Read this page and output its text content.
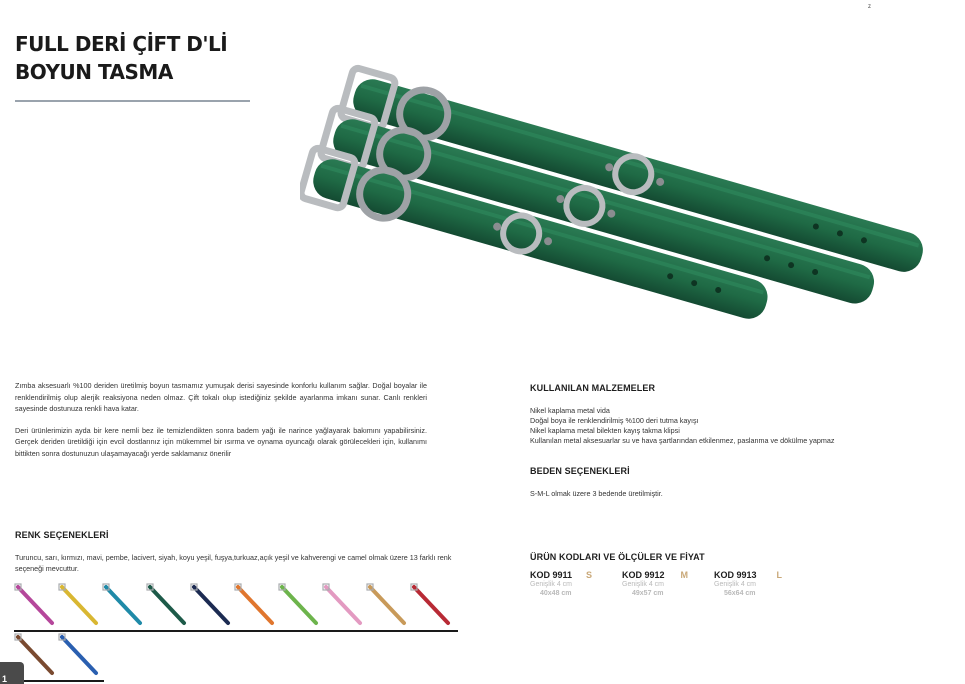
z
FULL DERİ ÇİFT D'Lİ
BOYUN TASMA

Zımba aksesuarlı %100 deriden üretilmiş boyun tasmamız yumuşak derisi sayesinde konforlu kullanım sağlar. Doğal boyalar ile renklendirilmiş olup alerjik reaksiyona neden olmaz. Çift tokalı olup istediğiniz şekilde ayarlanma imkanı sunar. Canlı renkleri sayesinde dostunuza renkli hava katar.

Deri ürünlerimizin ayda bir kere nemli bez ile temizlendikten sonra badem yağı ile narince yağlayarak bakımını yapabilirsiniz. Gerçek deriden üretildiği için evcil dostlarınız için mükemmel bir ısırma ve oynama oyuncağı olarak görülecekleri için, kullanımı bittikten sonra dostunuzun ulaşamayacağı yerde saklamanız önerilir

RENK SEÇENEKLERİ
Turuncu, sarı, kırmızı, mavi, pembe, lacivert, siyah, koyu yeşil, fuşya,turkuaz,açık yeşil ve kahverengi ve camel olmak üzere 13 farklı renk seçeneği mevcuttur.
KULLANILAN MALZEMELER
Nikel kaplama metal vida
Doğal boya ile renklendirilmiş %100 deri tutma kayışı
Nikel kaplama metal bilekten kayış takma klipsi
Kullanılan metal aksesuarlar su ve hava şartlarından etkilenmez, paslanma ve dökülme yapmaz
BEDEN SEÇENEKLERİ
S-M-L olmak üzere 3 bedende üretilmiştir.
ÜRÜN KODLARI VE ÖLÇÜLER VE FİYAT
KOD 9911 S
Genişlik 4 cm
40x48 cm
KOD 9912 M
Genişlik 4 cm
49x57 cm
KOD 9913 L
Genişlik 4 cm
56x64 cm
1
